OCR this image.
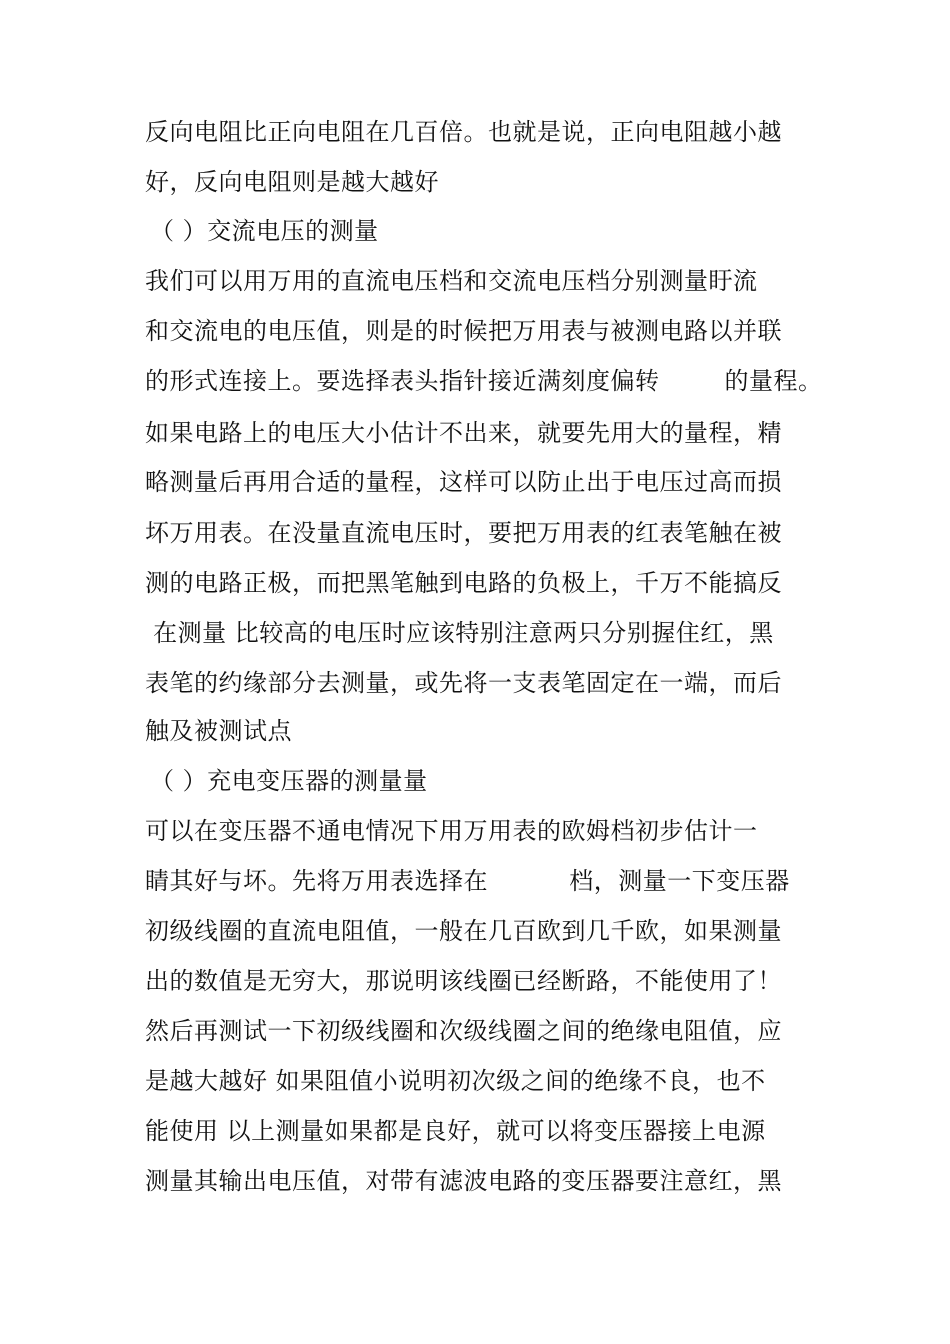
反向电阻比正向电阻在几百倍。也就是说，正向电阻越小越
好，反向电阻则是越大越好
（ ）交流电压的测量
我们可以用万用的直流电压档和交流电压档分别测量盱流
和交流电的电压值，则是的时候把万用表与被测电路以并联
的形式连接上。要选择表头指针接近满刻度偏转        的量程。
如果电路上的电压大小估计不出来，就要先用大的量程，精
略测量后再用合适的量程，这样可以防止出于电压过高而损
坏万用表。在没量直流电压时，要把万用表的红表笔触在被
测的电路正极，而把黑笔触到电路的负极上，千万不能搞反
在测量 比较高的电压时应该特别注意两只分别握住红，黑
表笔的约缘部分去测量，或先将一支表笔固定在一端，而后
触及被测试点
（ ）充电变压器的测量量
可以在变压器不通电情况下用万用表的欧姆档初步估计一
睛其好与坏。先将万用表选择在          档，测量一下变压器
初级线圈的直流电阻值，一般在几百欧到几千欧，如果测量
出的数值是无穷大，那说明该线圈已经断路，不能使用了！
然后再测试一下初级线圈和次级线圈之间的绝缘电阻值，应
是越大越好 如果阻值小说明初次级之间的绝缘不良，也不
能使用 以上测量如果都是良好，就可以将变压器接上电源
测量其输出电压值，对带有滤波电路的变压器要注意红，黑
